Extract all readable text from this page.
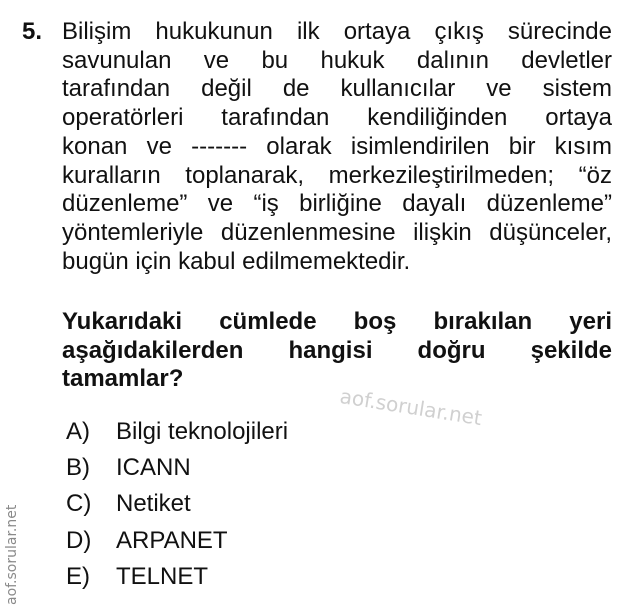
5. Bilişim hukukunun ilk ortaya çıkış sürecinde
savunulan ve bu hukuk dalının devletler
tarafından değil de kullanıcılar ve sistem
operatörleri tarafından kendiliğinden ortaya
konan ve ------- olarak isimlendirilen bir kısım
kuralların toplanarak, merkezileştirilmeden; “öz
düzenleme” ve “iş birliğine dayalı düzenleme”
yöntemleriyle düzenlenmesine ilişkin düşünceler,
bugün için kabul edilmemektedir.
Yukarıdaki cümlede boş bırakılan yeri
aşağıdakilerden hangisi doğru şekilde
tamamlar?
aof.sorular.net
A)	Bilgi teknolojileri
B)	ICANN
C)	Netiket
D)	ARPANET
E)	TELNET
aof.sorular.net
